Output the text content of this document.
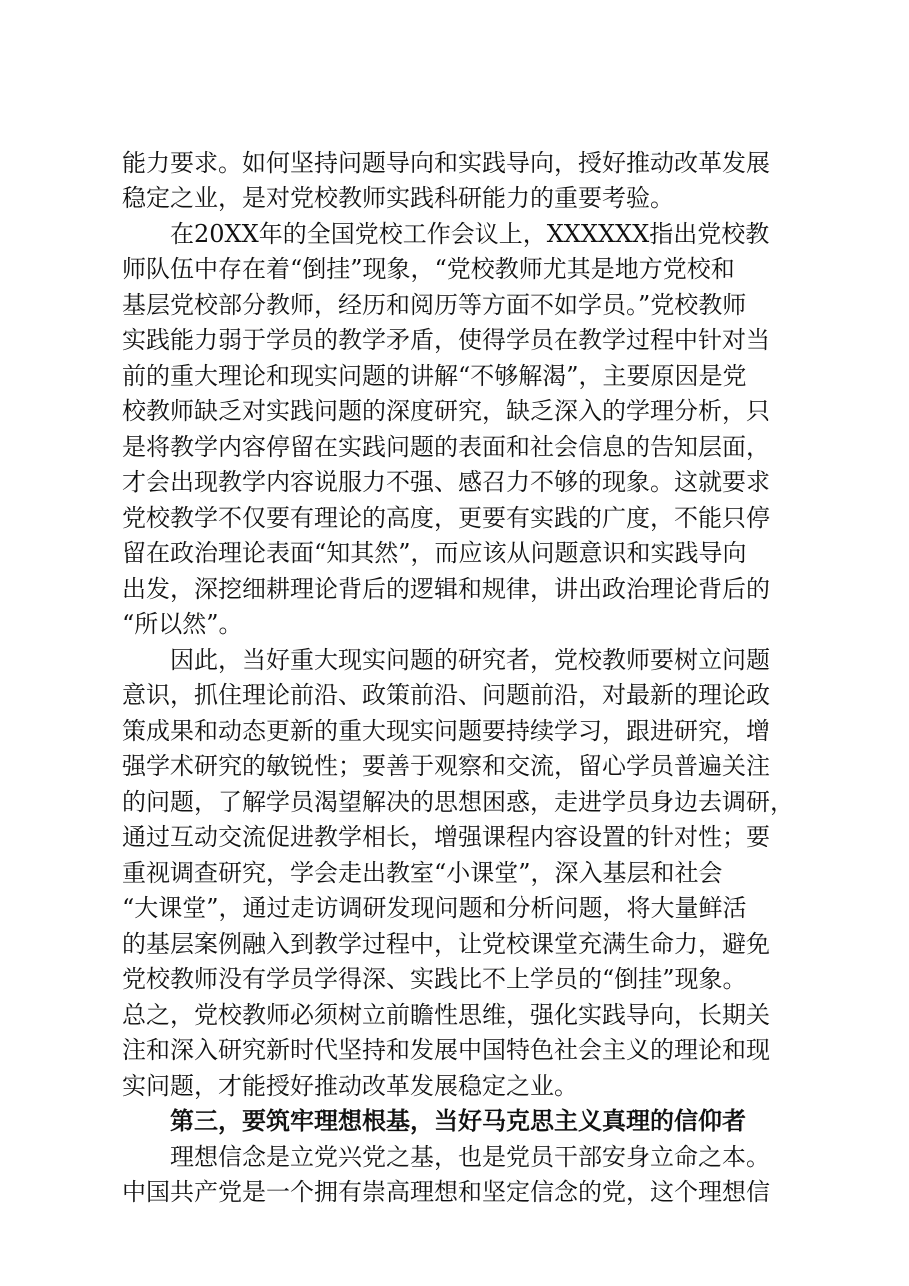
能力要求。如何坚持问题导向和实践导向，授好推动改革发展
稳定之业，是对党校教师实践科研能力的重要考验。
在20XX年的全国党校工作会议上，XXXXXX指出党校教
师队伍中存在着“倒挂”现象，“党校教师尤其是地方党校和
基层党校部分教师，经历和阅历等方面不如学员。”党校教师
实践能力弱于学员的教学矛盾，使得学员在教学过程中针对当
前的重大理论和现实问题的讲解“不够解渴”，主要原因是党
校教师缺乏对实践问题的深度研究，缺乏深入的学理分析，只
是将教学内容停留在实践问题的表面和社会信息的告知层面，
才会出现教学内容说服力不强、感召力不够的现象。这就要求
党校教学不仅要有理论的高度，更要有实践的广度，不能只停
留在政治理论表面“知其然”，而应该从问题意识和实践导向
出发，深挖细耕理论背后的逻辑和规律，讲出政治理论背后的
“所以然”。
因此，当好重大现实问题的研究者，党校教师要树立问题
意识，抓住理论前沿、政策前沿、问题前沿，对最新的理论政
策成果和动态更新的重大现实问题要持续学习，跟进研究，增
强学术研究的敏锐性；要善于观察和交流，留心学员普遍关注
的问题，了解学员渴望解决的思想困惑，走进学员身边去调研，
通过互动交流促进教学相长，增强课程内容设置的针对性；要
重视调查研究，学会走出教室“小课堂”，深入基层和社会
“大课堂”，通过走访调研发现问题和分析问题，将大量鲜活
的基层案例融入到教学过程中，让党校课堂充满生命力，避免
党校教师没有学员学得深、实践比不上学员的“倒挂”现象。
总之，党校教师必须树立前瞻性思维，强化实践导向，长期关
注和深入研究新时代坚持和发展中国特色社会主义的理论和现
实问题，才能授好推动改革发展稳定之业。
第三，要筑牢理想根基，当好马克思主义真理的信仰者
理想信念是立党兴党之基，也是党员干部安身立命之本。
中国共产党是一个拥有崇高理想和坚定信念的党，这个理想信
